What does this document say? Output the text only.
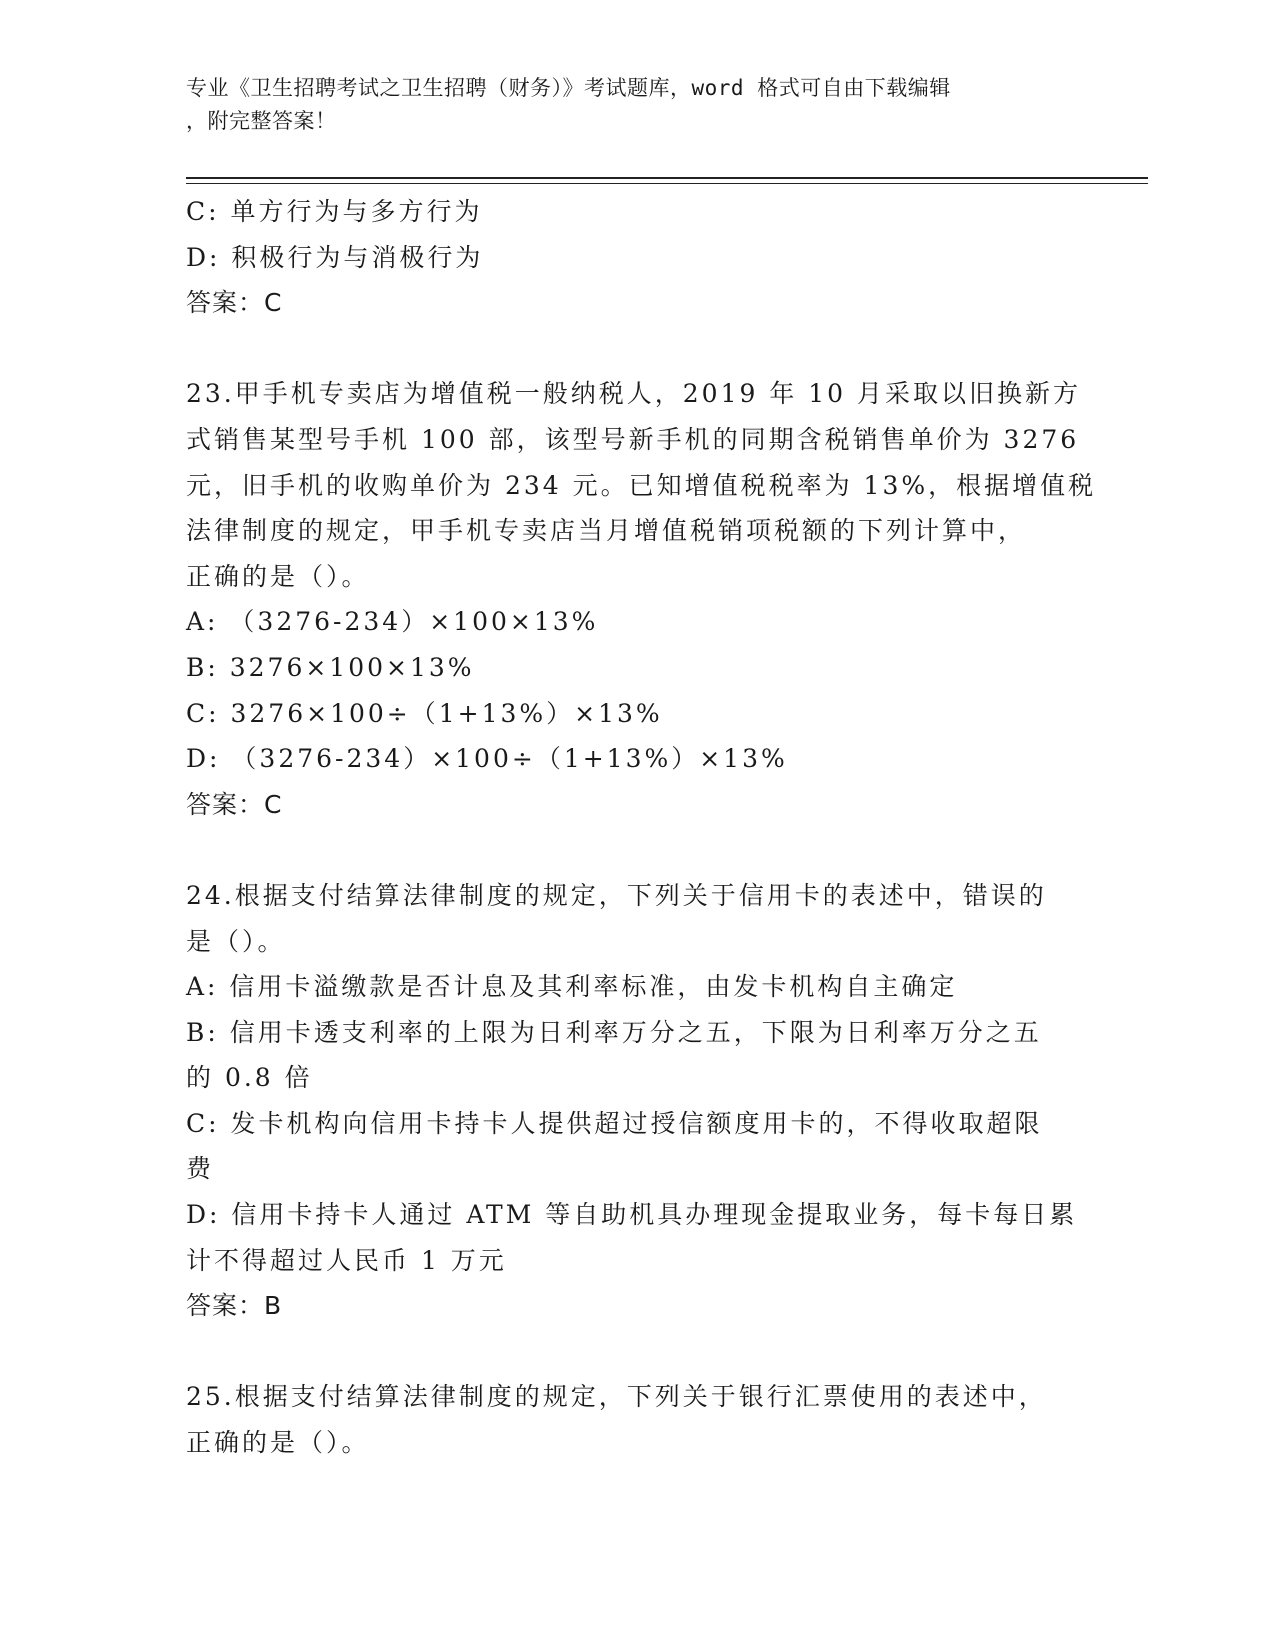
专业《卫生招聘考试之卫生招聘（财务）》考试题库，word 格式可自由下载编辑
，附完整答案！
C: 单方行为与多方行为
D: 积极行为与消极行为
答案：C
23.甲手机专卖店为增值税一般纳税人，2019 年 10 月采取以旧换新方
式销售某型号手机 100 部，该型号新手机的同期含税销售单价为 3276
元，旧手机的收购单价为 234 元。已知增值税税率为 13%，根据增值税
法律制度的规定，甲手机专卖店当月增值税销项税额的下列计算中，
正确的是（）。
A: （3276-234）×100×13%
B: 3276×100×13%
C: 3276×100÷（1+13%）×13%
D: （3276-234）×100÷（1+13%）×13%
答案：C
24.根据支付结算法律制度的规定，下列关于信用卡的表述中，错误的
是（）。
A: 信用卡溢缴款是否计息及其利率标准，由发卡机构自主确定
B: 信用卡透支利率的上限为日利率万分之五，下限为日利率万分之五
的 0.8 倍
C: 发卡机构向信用卡持卡人提供超过授信额度用卡的，不得收取超限
费
D: 信用卡持卡人通过 ATM 等自助机具办理现金提取业务，每卡每日累
计不得超过人民币 1 万元
答案：B
25.根据支付结算法律制度的规定，下列关于银行汇票使用的表述中，
正确的是（）。
